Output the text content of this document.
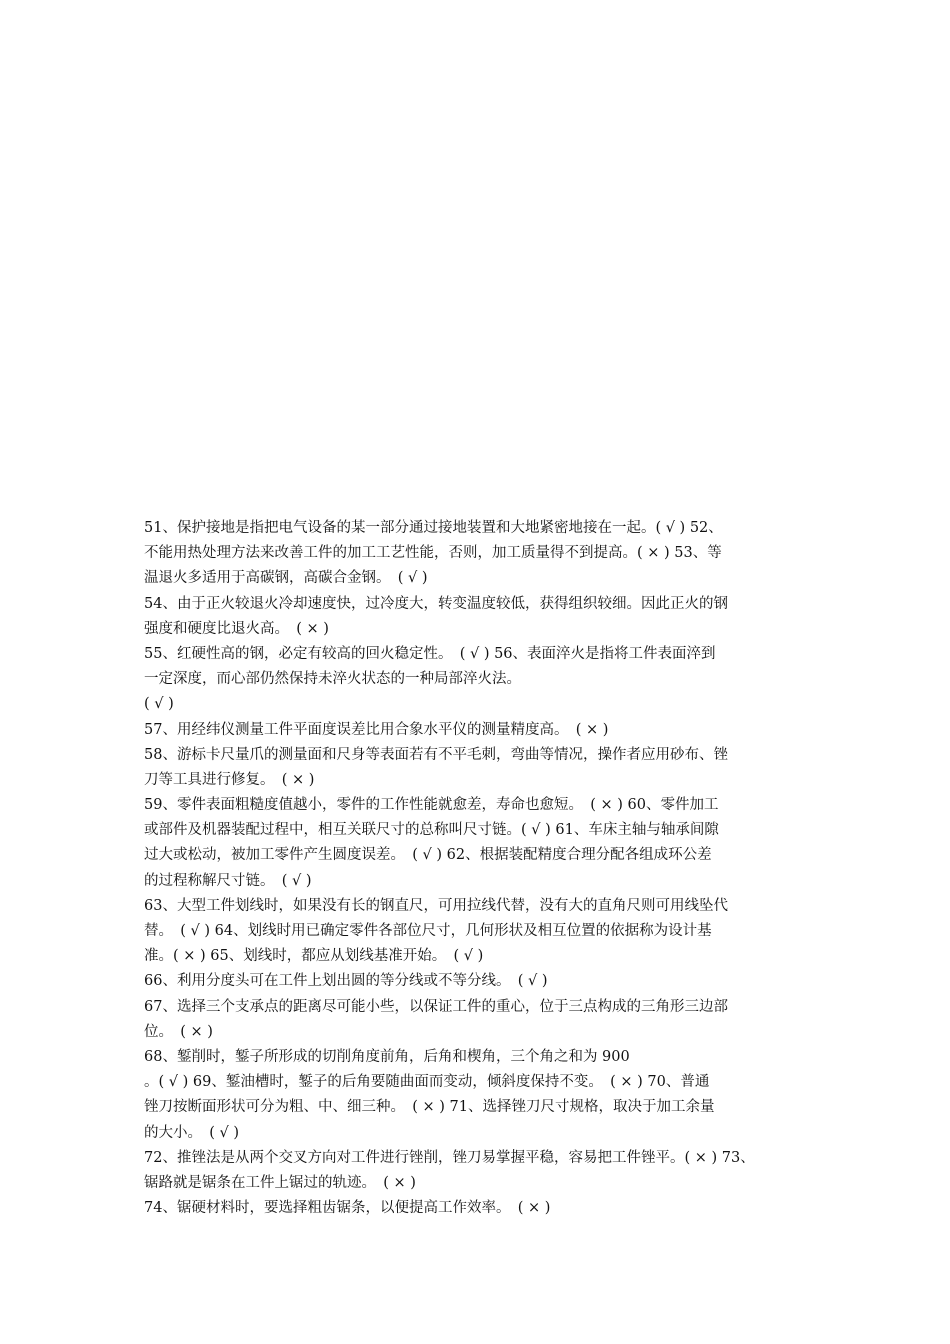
51、保护接地是指把电气设备的某一部分通过接地装置和大地紧密地接在一起。( √ ) 52、
不能用热处理方法来改善工件的加工工艺性能，否则，加工质量得不到提高。( × ) 53、等
温退火多适用于高碳钢，高碳合金钢。　( √ )
54、由于正火较退火冷却速度快，过冷度大，转变温度较低，获得组织较细。因此正火的钢
强度和硬度比退火高。　( × )
55、红硬性高的钢，必定有较高的回火稳定性。　( √ ) 56、表面淬火是指将工件表面淬到
一定深度，而心部仍然保持未淬火状态的一种局部淬火法。
( √ )
57、用经纬仪测量工件平面度误差比用合象水平仪的测量精度高。　( × )
58、游标卡尺量爪的测量面和尺身等表面若有不平毛刺，弯曲等情况，操作者应用砂布、锉
刀等工具进行修复。　( × )
59、零件表面粗糙度值越小，零件的工作性能就愈差，寿命也愈短。　( × ) 60、零件加工
或部件及机器装配过程中，相互关联尺寸的总称叫尺寸链。( √ ) 61、车床主轴与轴承间隙
过大或松动，被加工零件产生圆度误差。　( √ ) 62、根据装配精度合理分配各组成环公差
的过程称解尺寸链。　( √ )
63、大型工件划线时，如果没有长的钢直尺，可用拉线代替，没有大的直角尺则可用线坠代
替。　( √ ) 64、划线时用已确定零件各部位尺寸，几何形状及相互位置的依据称为设计基
准。( × ) 65、划线时，都应从划线基准开始。　( √ )
66、利用分度头可在工件上划出圆的等分线或不等分线。　( √ )
67、选择三个支承点的距离尽可能小些，以保证工件的重心，位于三点构成的三角形三边部
位。　( × )
68、錾削时，錾子所形成的切削角度前角，后角和楔角，三个角之和为 900
。( √ ) 69、錾油槽时，錾子的后角要随曲面而变动，倾斜度保持不变。　( × ) 70、普通
锉刀按断面形状可分为粗、中、细三种。　( × ) 71、选择锉刀尺寸规格，取决于加工余量
的大小。　( √ )
72、推锉法是从两个交叉方向对工件进行锉削，锉刀易掌握平稳，容易把工件锉平。( × ) 73、
锯路就是锯条在工件上锯过的轨迹。　( × )
74、锯硬材料时，要选择粗齿锯条，以便提高工作效率。　( × )
